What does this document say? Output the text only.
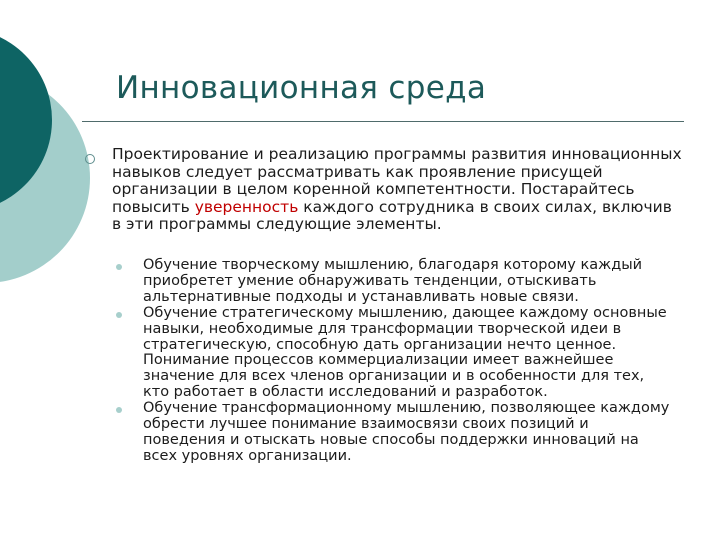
Инновационная среда
Проектирование и реализацию программы развития инновационных навыков следует рассматривать как проявление присущей организации в целом коренной компетентности. Постарайтесь повысить уверенность каждого сотрудника в своих силах, включив в эти программы следующие элементы.
Обучение творческому мышлению, благодаря которому каждый приобретет умение обнаруживать тенденции, отыскивать альтернативные подходы и устанавливать новые связи.
Обучение стратегическому мышлению, дающее каждому основные навыки, необходимые для трансформации творческой идеи в стратегическую, способную дать организации нечто ценное. Понимание процессов коммерциализации имеет важнейшее значение для всех членов организации и в особенности для тех, кто работает в области исследований и разработок.
Обучение трансформационному мышлению, позволяющее каждому обрести лучшее понимание взаимосвязи своих позиций и поведения и отыскать новые способы поддержки инноваций на всех уровнях организации.
